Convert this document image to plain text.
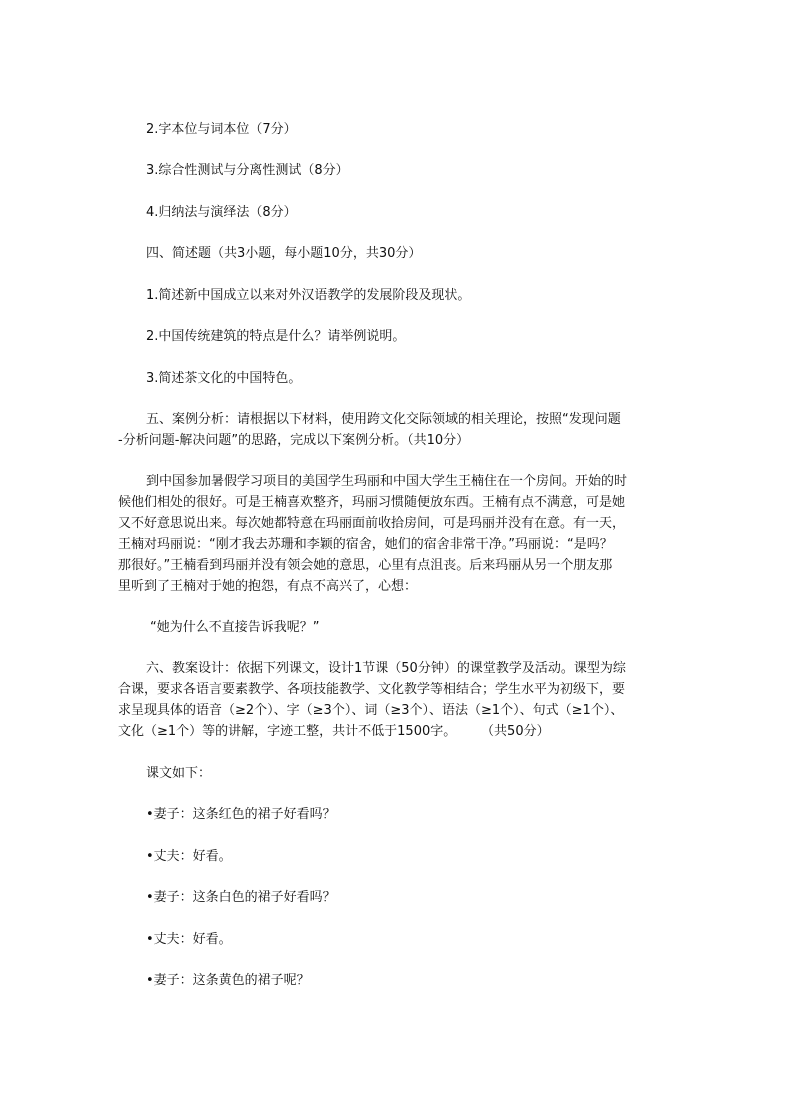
2.字本位与词本位（7分）
3.综合性测试与分离性测试（8分）
4.归纳法与演绎法（8分）
四、简述题（共3小题，每小题10分，共30分）
1.简述新中国成立以来对外汉语教学的发展阶段及现状。
2.中国传统建筑的特点是什么？请举例说明。
3.简述茶文化的中国特色。
五、案例分析：请根据以下材料，使用跨文化交际领域的相关理论，按照“发现问题
-分析问题-解决问题”的思路，完成以下案例分析。（共10分）
到中国参加暑假学习项目的美国学生玛丽和中国大学生王楠住在一个房间。开始的时
候他们相处的很好。可是王楠喜欢整齐，玛丽习惯随便放东西。王楠有点不满意，可是她
又不好意思说出来。每次她都特意在玛丽面前收拾房间，可是玛丽并没有在意。有一天，
王楠对玛丽说：“刚才我去苏珊和李颖的宿舍，她们的宿舍非常干净。”玛丽说：“是吗？
那很好。”王楠看到玛丽并没有领会她的意思，心里有点沮丧。后来玛丽从另一个朋友那
里听到了王楠对于她的抱怨，有点不高兴了，心想：
“她为什么不直接告诉我呢？”
六、教案设计：依据下列课文，设计1节课（50分钟）的课堂教学及活动。课型为综
合课，要求各语言要素教学、各项技能教学、文化教学等相结合；学生水平为初级下，要
求呈现具体的语音（≥2个）、字（≥3个）、词（≥3个）、语法（≥1个）、句式（≥1个）、
文化（≥1个）等的讲解，字迹工整，共计不低于1500字。      （共50分）
课文如下：
•妻子：这条红色的裙子好看吗？
•丈夫：好看。
•妻子：这条白色的裙子好看吗？
•丈夫：好看。
•妻子：这条黄色的裙子呢？
